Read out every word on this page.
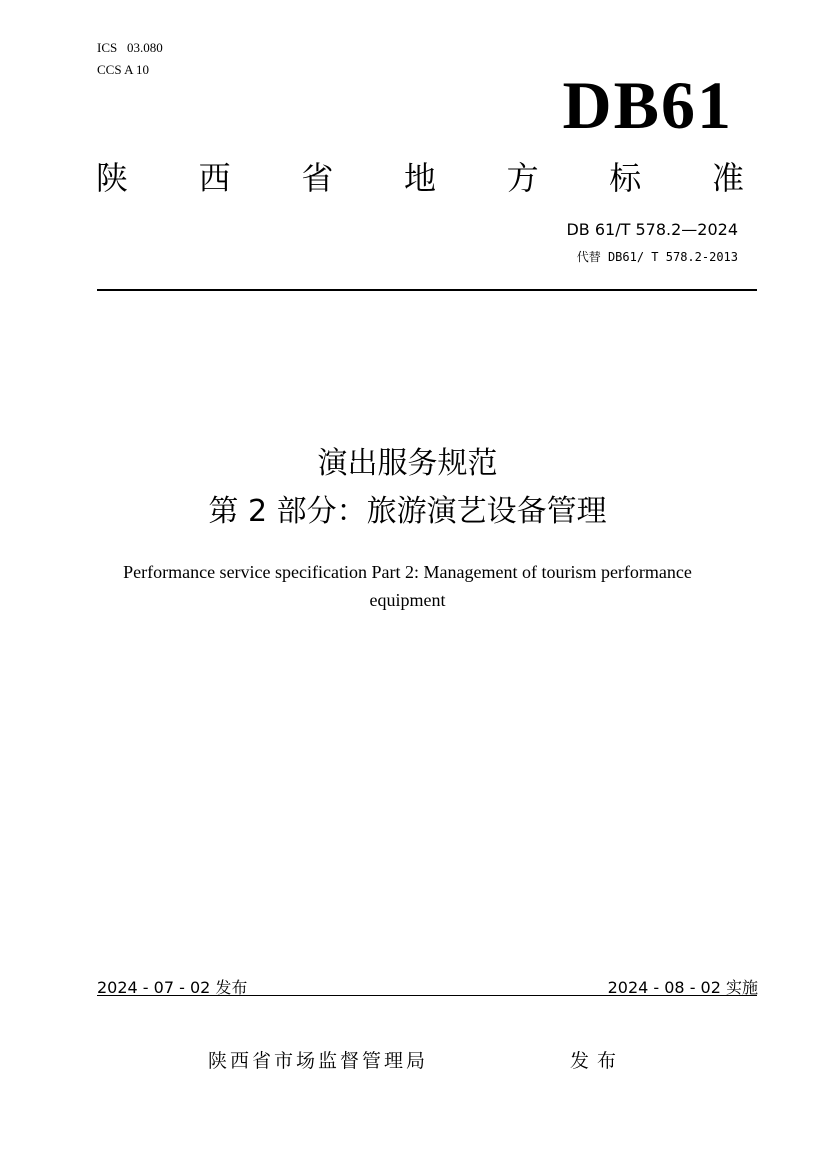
ICS   03.080
CCS A 10	DB61
陕 西 省 地 方 标 准
DB 61/T 578.2—2024
代替 DB61/ T 578.2-2013
演出服务规范
第 2 部分：旅游演艺设备管理
Performance service specification Part 2: Management of tourism performance equipment
2024 - 07 - 02 发布	2024 - 08 - 02 实施
陕西省市场监督管理局	发布
